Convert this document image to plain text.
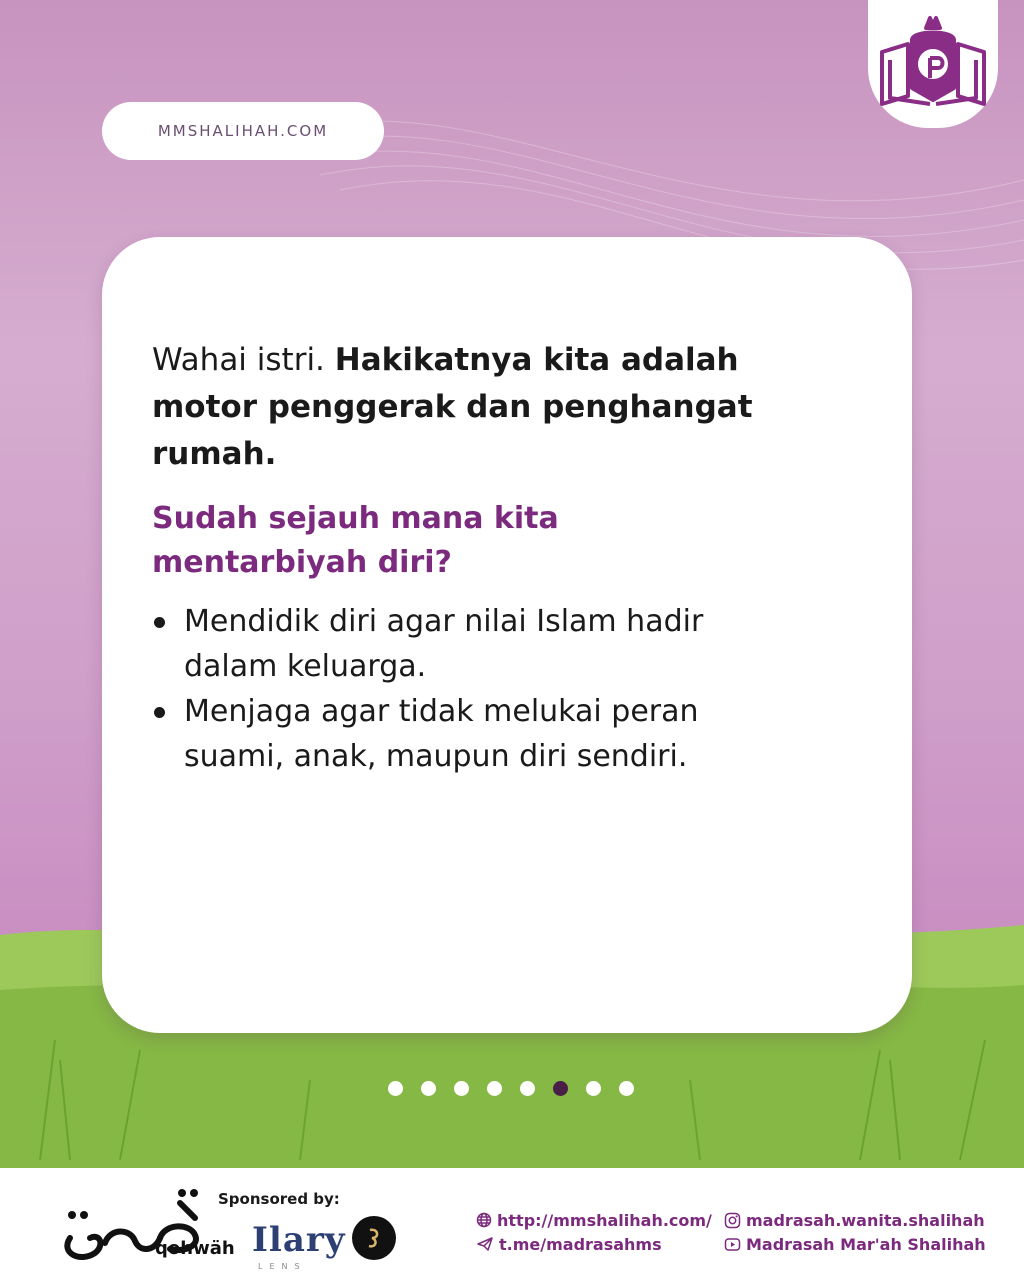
MMSHALIHAH.COM
Wahai istri. Hakikatnya kita adalah motor penggerak dan penghangat rumah.
Sudah sejauh mana kita mentarbiyah diri?
Mendidik diri agar nilai Islam hadir dalam keluarga.
Menjaga agar tidak melukai peran suami, anak, maupun diri sendiri.
qohwäh
Sponsored by:
Ilary
LENS
http://mmshalihah.com/
t.me/madrasahms
madrasah.wanita.shalihah
Madrasah Mar'ah Shalihah
